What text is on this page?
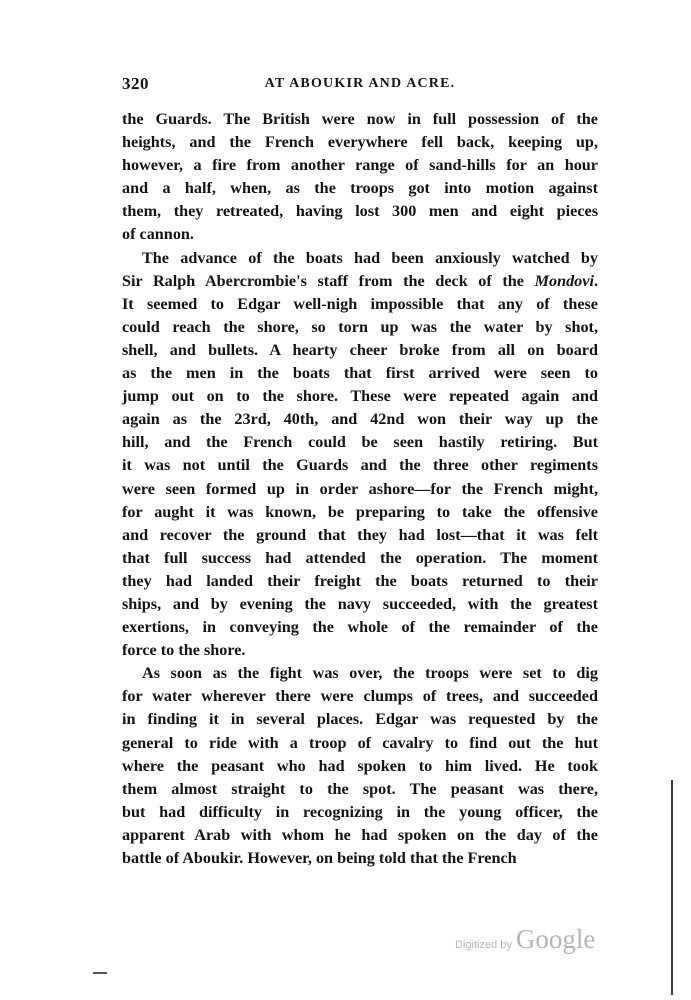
320	AT ABOUKIR AND ACRE.
the Guards. The British were now in full possession of the
heights, and the French everywhere fell back, keeping up,
however, a fire from another range of sand-hills for an hour
and a half, when, as the troops got into motion against
them, they retreated, having lost 300 men and eight pieces
of cannon.
The advance of the boats had been anxiously watched by
Sir Ralph Abercrombie's staff from the deck of the Mondovi.
It seemed to Edgar well-nigh impossible that any of these
could reach the shore, so torn up was the water by shot,
shell, and bullets. A hearty cheer broke from all on board
as the men in the boats that first arrived were seen to
jump out on to the shore. These were repeated again and
again as the 23rd, 40th, and 42nd won their way up the
hill, and the French could be seen hastily retiring. But
it was not until the Guards and the three other regiments
were seen formed up in order ashore—for the French might,
for aught it was known, be preparing to take the offensive
and recover the ground that they had lost—that it was felt
that full success had attended the operation. The moment
they had landed their freight the boats returned to their
ships, and by evening the navy succeeded, with the greatest
exertions, in conveying the whole of the remainder of the
force to the shore.
As soon as the fight was over, the troops were set to dig
for water wherever there were clumps of trees, and succeeded
in finding it in several places. Edgar was requested by the
general to ride with a troop of cavalry to find out the hut
where the peasant who had spoken to him lived. He took
them almost straight to the spot. The peasant was there,
but had difficulty in recognizing in the young officer, the
apparent Arab with whom he had spoken on the day of the
battle of Aboukir. However, on being told that the French
Digitized by Google
